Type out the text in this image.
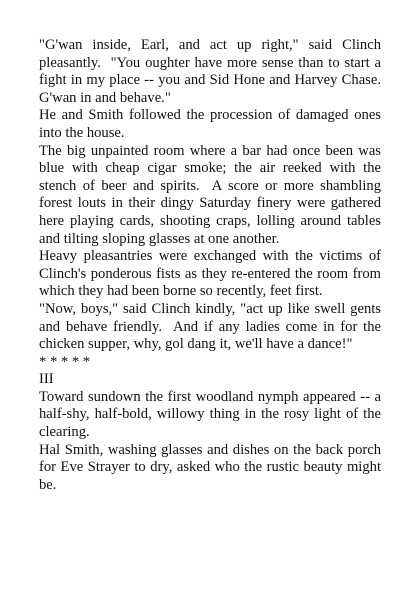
"G'wan inside, Earl, and act up right," said Clinch pleasantly.  "You oughter have more sense than to start a fight in my place -- you and Sid Hone and Harvey Chase.  G'wan in and behave."

He and Smith followed the procession of damaged ones into the house.

The big unpainted room where a bar had once been was blue with cheap cigar smoke; the air reeked with the stench of beer and spirits.  A score or more shambling forest louts in their dingy Saturday finery were gathered here playing cards, shooting craps, lolling around tables and tilting sloping glasses at one another.

Heavy pleasantries were exchanged with the victims of Clinch's ponderous fists as they re-entered the room from which they had been borne so recently, feet first.

"Now, boys," said Clinch kindly, "act up like swell gents and behave friendly.  And if any ladies come in for the chicken supper, why, gol dang it, we'll have a dance!"

* * * * *

III

Toward sundown the first woodland nymph appeared -- a half-shy, half-bold, willowy thing in the rosy light of the clearing.

Hal Smith, washing glasses and dishes on the back porch for Eve Strayer to dry, asked who the rustic beauty might be.
